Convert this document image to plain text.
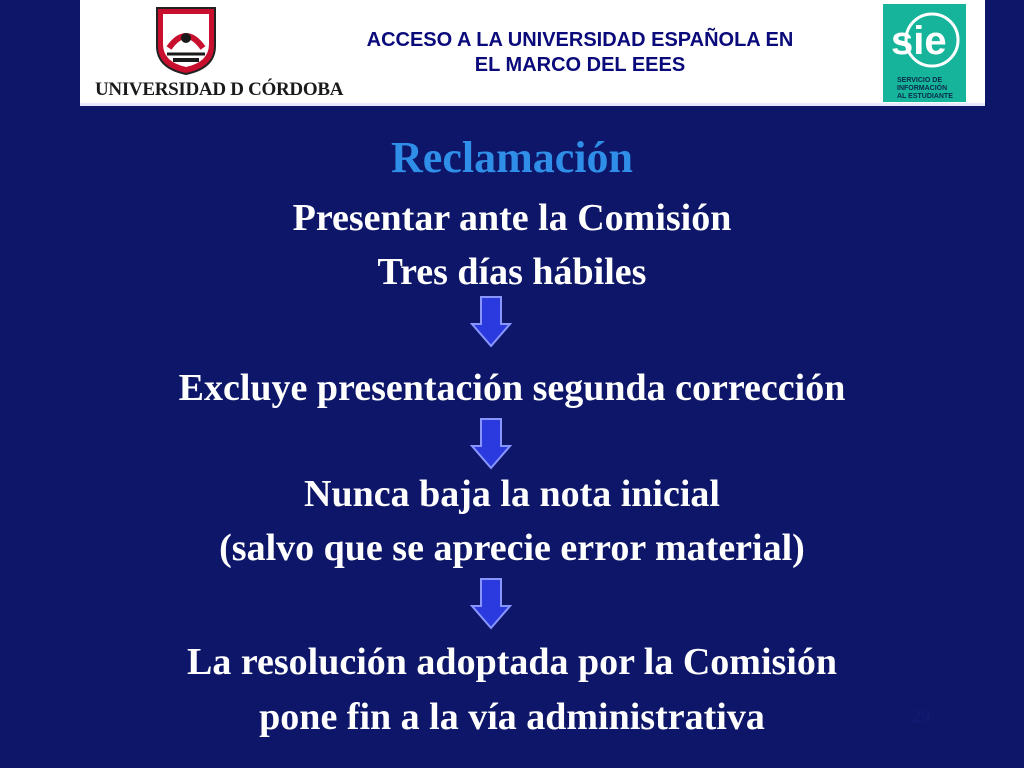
UNIVERSIDAD D CÓRDOBA
ACCESO A LA UNIVERSIDAD ESPAÑOLA EN
EL MARCO DEL EEES
sie
SERVICIO DE
INFORMACIÓN
AL ESTUDIANTE
Reclamación
Presentar ante la Comisión
Tres días hábiles
Excluye presentación segunda corrección
Nunca baja la nota inicial
(salvo que se aprecie error material)
La resolución adoptada por la Comisión
pone fin a la vía administrativa	29
